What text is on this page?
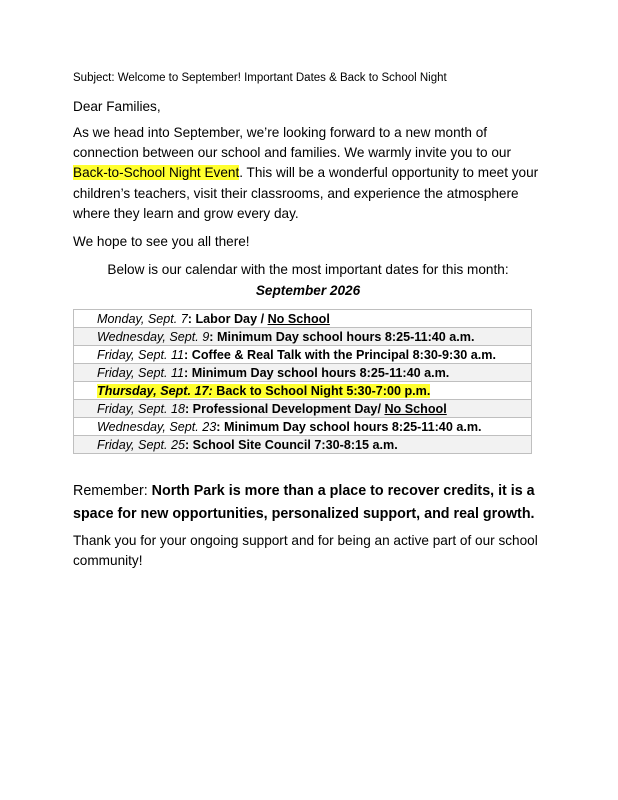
Subject: Welcome to September! Important Dates & Back to School Night
Dear Families,
As we head into September, we’re looking forward to a new month of connection between our school and families. We warmly invite you to our Back-to-School Night Event. This will be a wonderful opportunity to meet your children’s teachers, visit their classrooms, and experience the atmosphere where they learn and grow every day.
We hope to see you all there!
Below is our calendar with the most important dates for this month:
September 2026
Monday, Sept. 7: Labor Day / No School
Wednesday, Sept. 9: Minimum Day school hours 8:25-11:40 a.m.
Friday, Sept. 11: Coffee & Real Talk with the Principal 8:30-9:30 a.m.
Friday, Sept. 11: Minimum Day school hours 8:25-11:40 a.m.
Thursday, Sept. 17: Back to School Night 5:30-7:00 p.m.
Friday, Sept. 18: Professional Development Day/ No School
Wednesday, Sept. 23: Minimum Day school hours 8:25-11:40 a.m.
Friday, Sept. 25: School Site Council 7:30-8:15 a.m.
Remember: North Park is more than a place to recover credits, it is a space for new opportunities, personalized support, and real growth.
Thank you for your ongoing support and for being an active part of our school community!
